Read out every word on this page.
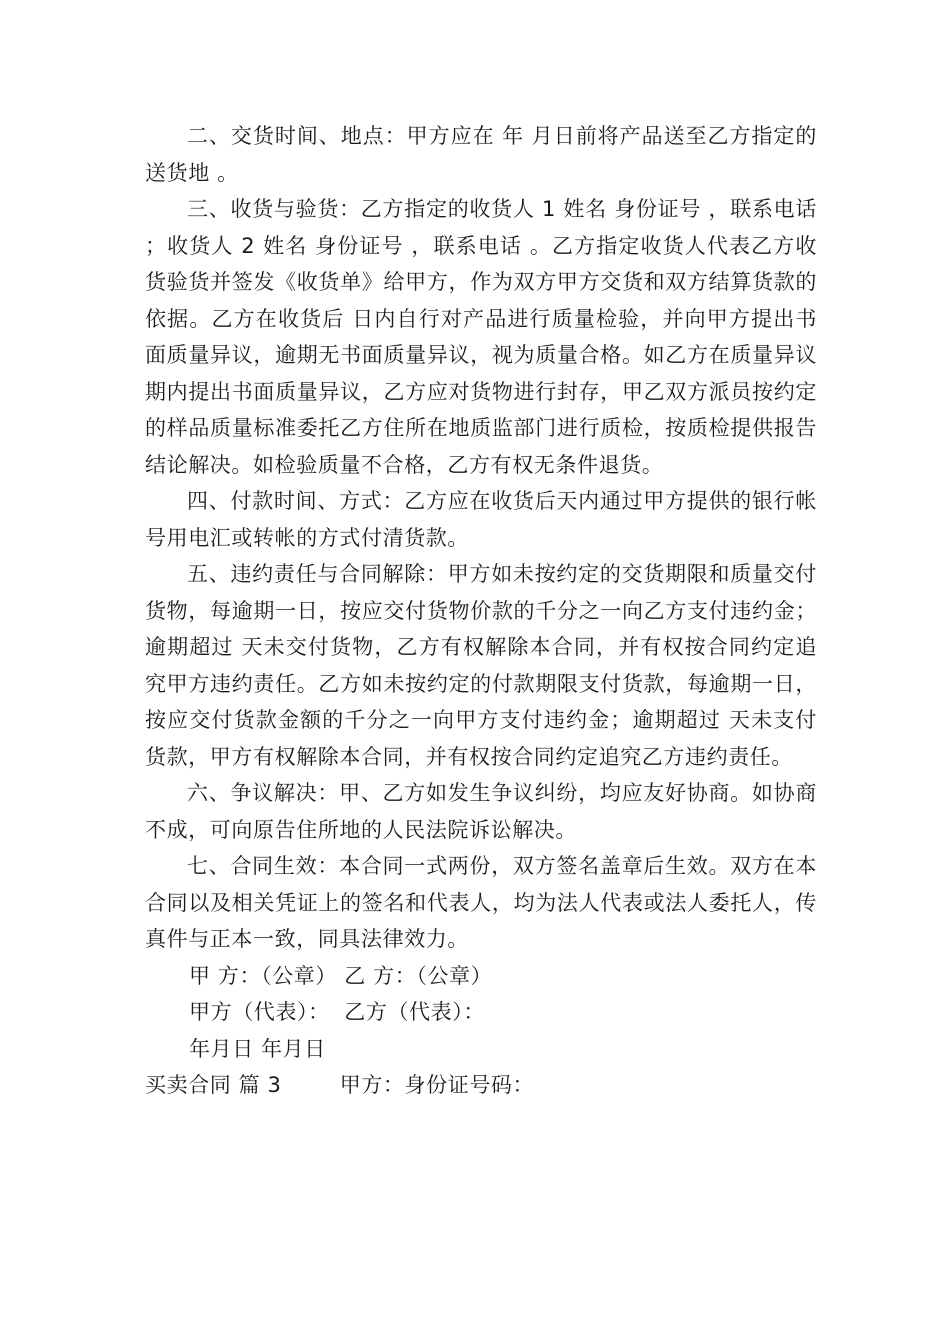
二、交货时间、地点：甲方应在 年 月日前将产品送至乙方指定的送货地 。

三、收货与验货：乙方指定的收货人 1 姓名 身份证号 ，联系电话 ；收货人 2 姓名 身份证号 ，联系电话 。乙方指定收货人代表乙方收货验货并签发《收货单》给甲方，作为双方甲方交货和双方结算货款的依据。乙方在收货后 日内自行对产品进行质量检验，并向甲方提出书面质量异议，逾期无书面质量异议，视为质量合格。如乙方在质量异议期内提出书面质量异议，乙方应对货物进行封存，甲乙双方派员按约定的样品质量标准委托乙方住所在地质监部门进行质检，按质检提供报告结论解决。如检验质量不合格，乙方有权无条件退货。

四、付款时间、方式：乙方应在收货后天内通过甲方提供的银行帐号用电汇或转帐的方式付清货款。

五、违约责任与合同解除：甲方如未按约定的交货期限和质量交付货物，每逾期一日，按应交付货物价款的千分之一向乙方支付违约金；逾期超过 天未交付货物，乙方有权解除本合同，并有权按合同约定追究甲方违约责任。乙方如未按约定的付款期限支付货款，每逾期一日，按应交付货款金额的千分之一向甲方支付违约金；逾期超过 天未支付货款，甲方有权解除本合同，并有权按合同约定追究乙方违约责任。

六、争议解决：甲、乙方如发生争议纠纷，均应友好协商。如协商不成，可向原告住所地的人民法院诉讼解决。

七、合同生效：本合同一式两份，双方签名盖章后生效。双方在本合同以及相关凭证上的签名和代表人，均为法人代表或法人委托人，传真件与正本一致，同具法律效力。

甲 方：（公章） 乙 方：（公章）

甲方（代表）：  乙方（代表）：

年月日 年月日

买卖合同 篇 3        甲方：身份证号码：
